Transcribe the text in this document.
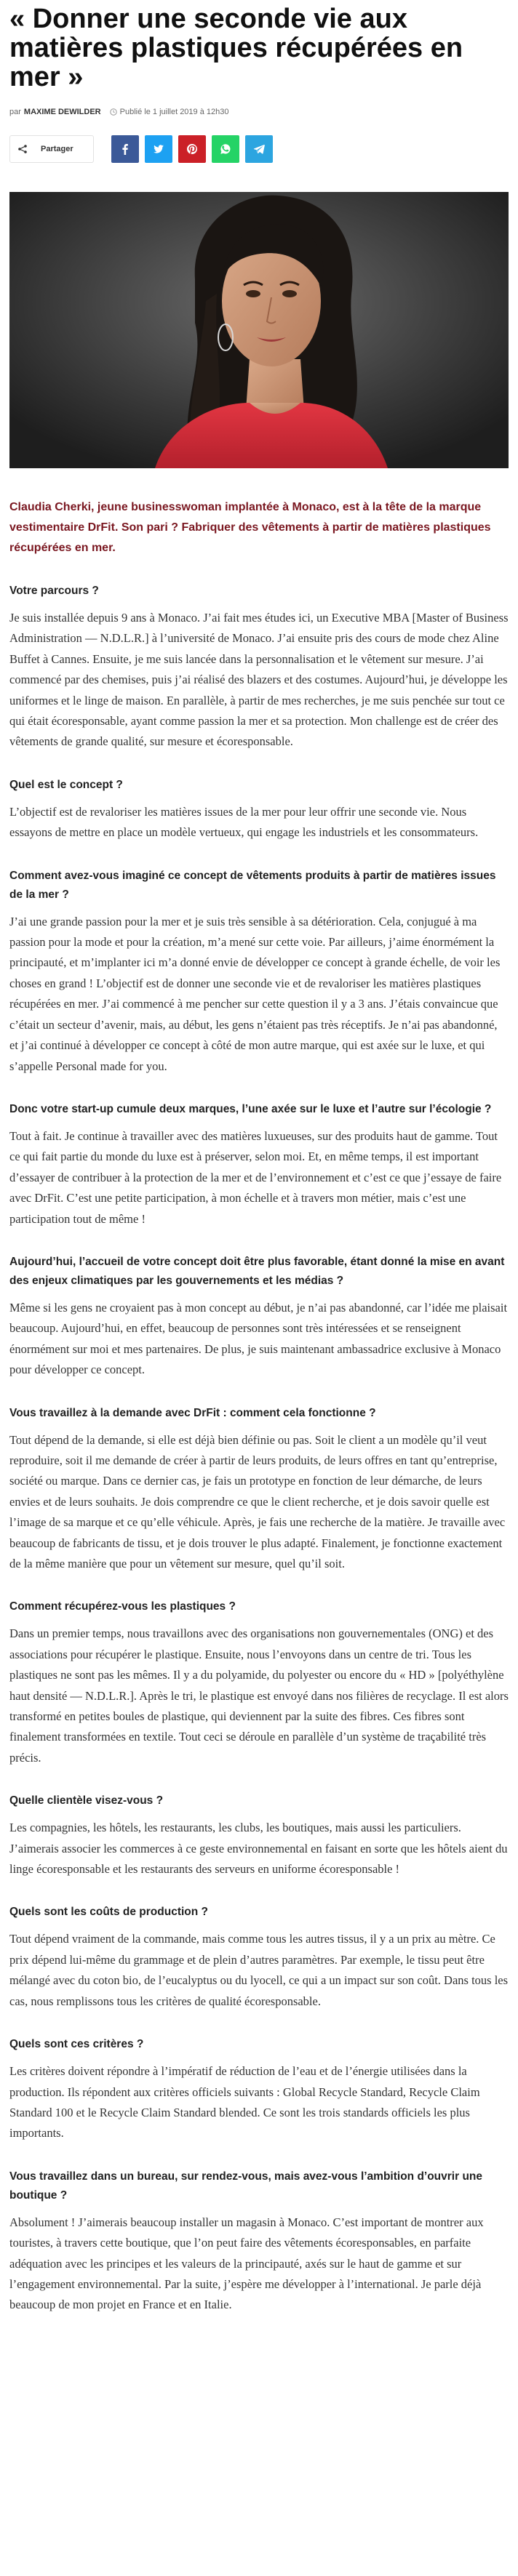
« Donner une seconde vie aux matières plastiques récupérées en mer »
par MAXIME DEWILDER Publié le 1 juillet 2019 à 12h30
Partager

Claudia Cherki, jeune businesswoman implantée à Monaco, est à la tête de la marque vestimentaire DrFit. Son pari ? Fabriquer des vêtements à partir de matières plastiques récupérées en mer.

Votre parcours ?

Je suis installée depuis 9 ans à Monaco. J’ai fait mes études ici, un Executive MBA [Master of Business Administration — N.D.L.R.] à l’université de Monaco. J’ai ensuite pris des cours de mode chez Aline Buffet à Cannes. Ensuite, je me suis lancée dans la personnalisation et le vêtement sur mesure. J’ai commencé par des chemises, puis j’ai réalisé des blazers et des costumes. Aujourd’hui, je développe les uniformes et le linge de maison. En parallèle, à partir de mes recherches, je me suis penchée sur tout ce qui était écoresponsable, ayant comme passion la mer et sa protection. Mon challenge est de créer des vêtements de grande qualité, sur mesure et écoresponsable.

Quel est le concept ?

L’objectif est de revaloriser les matières issues de la mer pour leur offrir une seconde vie. Nous essayons de mettre en place un modèle vertueux, qui engage les industriels et les consommateurs.

Comment avez-vous imaginé ce concept de vêtements produits à partir de matières issues de la mer ?

J’ai une grande passion pour la mer et je suis très sensible à sa détérioration. Cela, conjugué à ma passion pour la mode et pour la création, m’a mené sur cette voie. Par ailleurs, j’aime énormément la principauté, et m’implanter ici m’a donné envie de développer ce concept à grande échelle, de voir les choses en grand ! L’objectif est de donner une seconde vie et de revaloriser les matières plastiques récupérées en mer. J’ai commencé à me pencher sur cette question il y a 3 ans. J’étais convaincue que c’était un secteur d’avenir, mais, au début, les gens n’étaient pas très réceptifs. Je n’ai pas abandonné, et j’ai continué à développer ce concept à côté de mon autre marque, qui est axée sur le luxe, et qui s’appelle Personal made for you.

Donc votre start-up cumule deux marques, l’une axée sur le luxe et l’autre sur l’écologie ?

Tout à fait. Je continue à travailler avec des matières luxueuses, sur des produits haut de gamme. Tout ce qui fait partie du monde du luxe est à préserver, selon moi. Et, en même temps, il est important d’essayer de contribuer à la protection de la mer et de l’environnement et c’est ce que j’essaye de faire avec DrFit. C’est une petite participation, à mon échelle et à travers mon métier, mais c’est une participation tout de même !

Aujourd’hui, l’accueil de votre concept doit être plus favorable, étant donné la mise en avant des enjeux climatiques par les gouvernements et les médias ?

Même si les gens ne croyaient pas à mon concept au début, je n’ai pas abandonné, car l’idée me plaisait beaucoup. Aujourd’hui, en effet, beaucoup de personnes sont très intéressées et se renseignent énormément sur moi et mes partenaires. De plus, je suis maintenant ambassadrice exclusive à Monaco pour développer ce concept.

Vous travaillez à la demande avec DrFit : comment cela fonctionne ?

Tout dépend de la demande, si elle est déjà bien définie ou pas. Soit le client a un modèle qu’il veut reproduire, soit il me demande de créer à partir de leurs produits, de leurs offres en tant qu’entreprise, société ou marque. Dans ce dernier cas, je fais un prototype en fonction de leur démarche, de leurs envies et de leurs souhaits. Je dois comprendre ce que le client recherche, et je dois savoir quelle est l’image de sa marque et ce qu’elle véhicule. Après, je fais une recherche de la matière. Je travaille avec beaucoup de fabricants de tissu, et je dois trouver le plus adapté. Finalement, je fonctionne exactement de la même manière que pour un vêtement sur mesure, quel qu’il soit.

Comment récupérez-vous les plastiques ?

Dans un premier temps, nous travaillons avec des organisations non gouvernementales (ONG) et des associations pour récupérer le plastique. Ensuite, nous l’envoyons dans un centre de tri. Tous les plastiques ne sont pas les mêmes. Il y a du polyamide, du polyester ou encore du « HD » [polyéthylène haut densité — N.D.L.R.]. Après le tri, le plastique est envoyé dans nos filières de recyclage. Il est alors transformé en petites boules de plastique, qui deviennent par la suite des fibres. Ces fibres sont finalement transformées en textile. Tout ceci se déroule en parallèle d’un système de traçabilité très précis.

Quelle clientèle visez-vous ?

Les compagnies, les hôtels, les restaurants, les clubs, les boutiques, mais aussi les particuliers. J’aimerais associer les commerces à ce geste environnemental en faisant en sorte que les hôtels aient du linge écoresponsable et les restaurants des serveurs en uniforme écoresponsable !

Quels sont les coûts de production ?

Tout dépend vraiment de la commande, mais comme tous les autres tissus, il y a un prix au mètre. Ce prix dépend lui-même du grammage et de plein d’autres paramètres. Par exemple, le tissu peut être mélangé avec du coton bio, de l’eucalyptus ou du lyocell, ce qui a un impact sur son coût. Dans tous les cas, nous remplissons tous les critères de qualité écoresponsable.

Quels sont ces critères ?

Les critères doivent répondre à l’impératif de réduction de l’eau et de l’énergie utilisées dans la production. Ils répondent aux critères officiels suivants : Global Recycle Standard, Recycle Claim Standard 100 et le Recycle Claim Standard blended. Ce sont les trois standards officiels les plus importants.

Vous travaillez dans un bureau, sur rendez-vous, mais avez-vous l’ambition d’ouvrir une boutique ?

Absolument ! J’aimerais beaucoup installer un magasin à Monaco. C’est important de montrer aux touristes, à travers cette boutique, que l’on peut faire des vêtements écoresponsables, en parfaite adéquation avec les principes et les valeurs de la principauté, axés sur le haut de gamme et sur l’engagement environnemental. Par la suite, j’espère me développer à l’international. Je parle déjà beaucoup de mon projet en France et en Italie.
